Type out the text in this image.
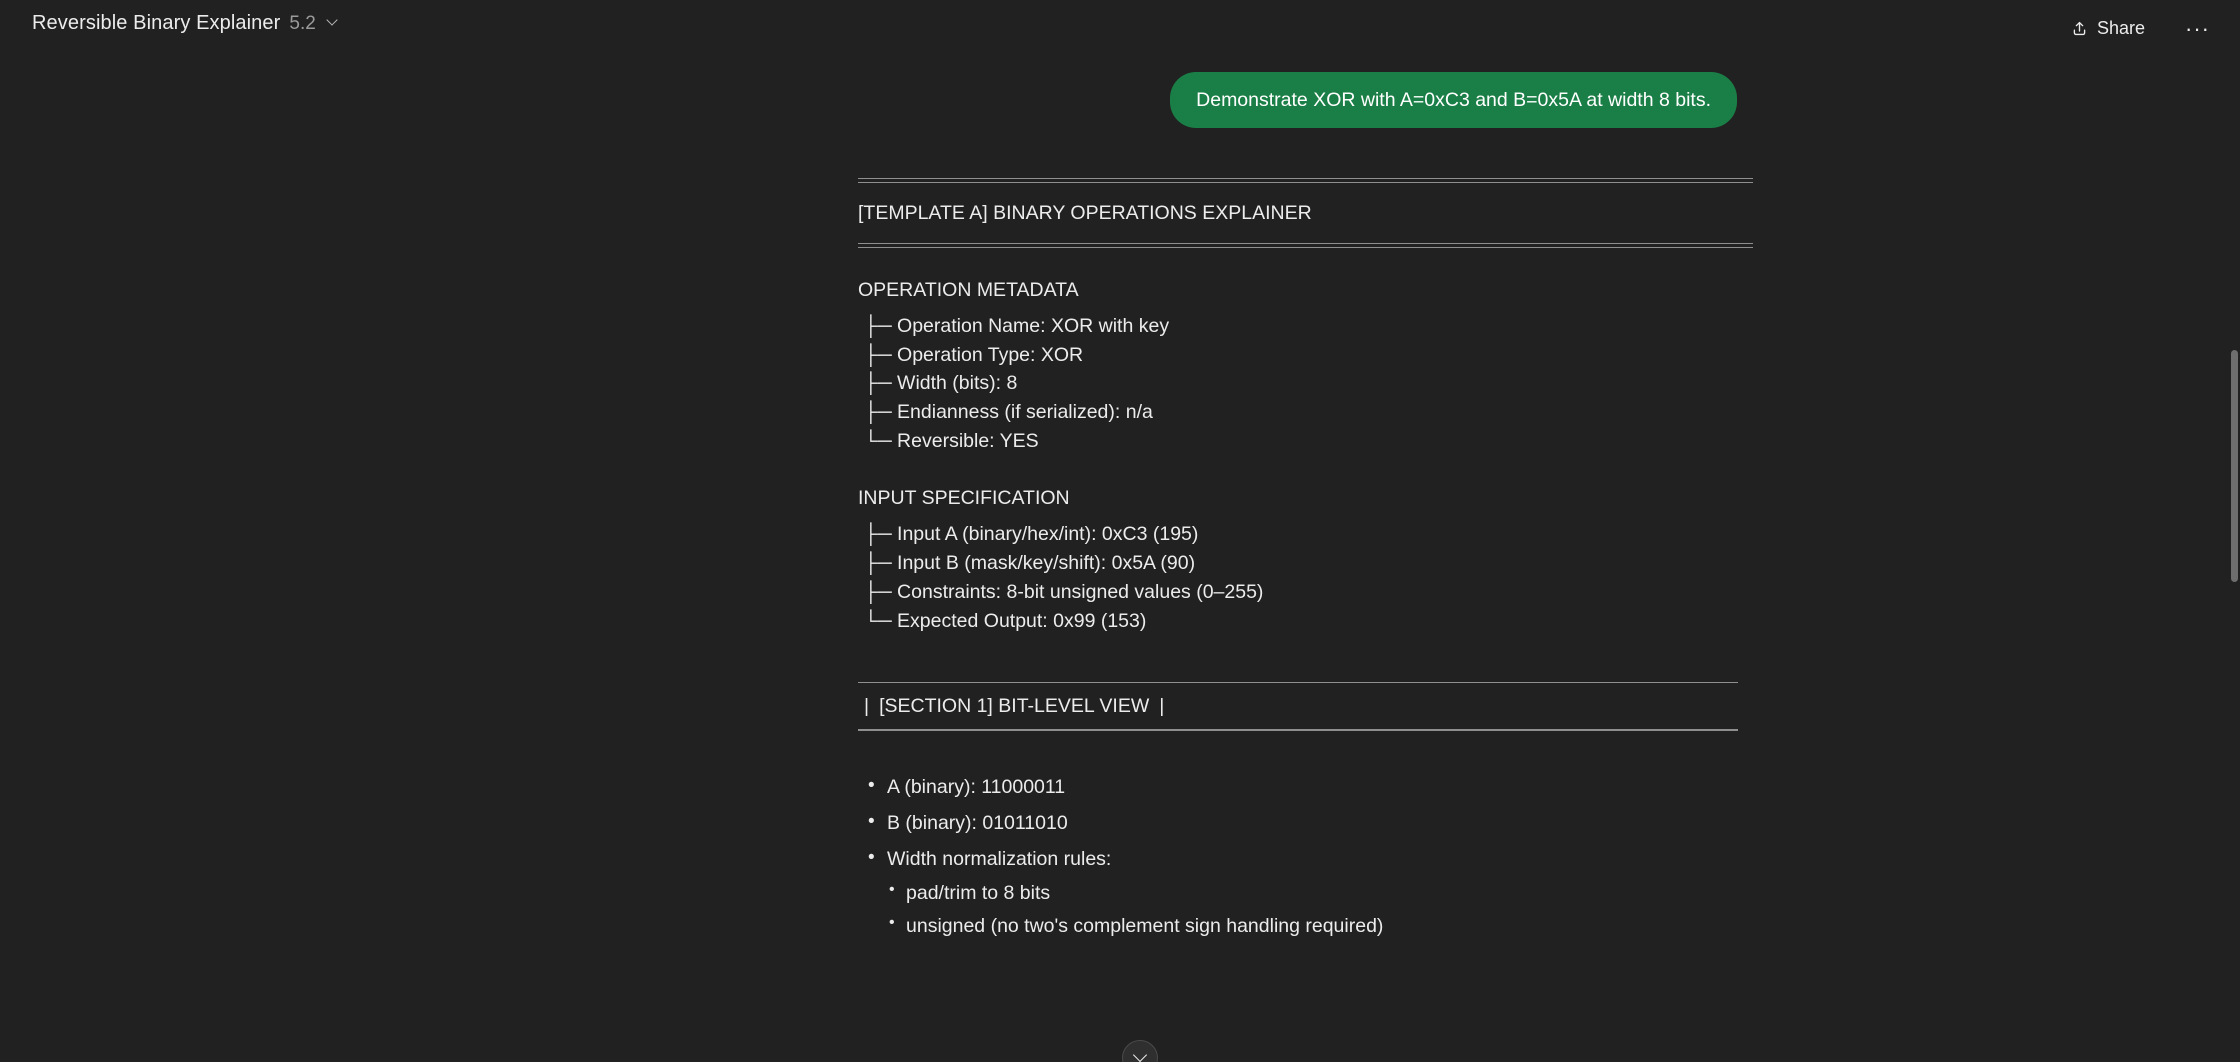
Reversible Binary Explainer 5.2	Share	···
Demonstrate XOR with A=0xC3 and B=0x5A at width 8 bits.
[TEMPLATE A] BINARY OPERATIONS EXPLAINER
OPERATION METADATA
├─ Operation Name: XOR with key
├─ Operation Type: XOR
├─ Width (bits): 8
├─ Endianness (if serialized): n/a
└─ Reversible: YES
INPUT SPECIFICATION
├─ Input A (binary/hex/int): 0xC3 (195)
├─ Input B (mask/key/shift): 0x5A (90)
├─ Constraints: 8-bit unsigned values (0–255)
└─ Expected Output: 0x99 (153)
| [SECTION 1] BIT-LEVEL VIEW |
• A (binary): 11000011
• B (binary): 01011010
• Width normalization rules:
• pad/trim to 8 bits
• unsigned (no two's complement sign handling required)
